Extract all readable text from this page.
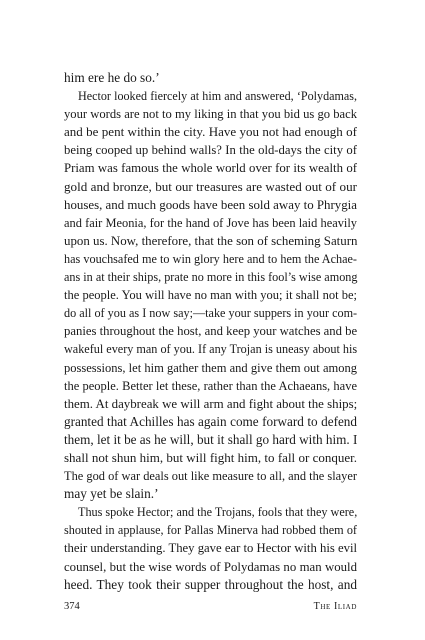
him ere he do so.’
Hector looked fiercely at him and answered, ‘Polydamas,
your words are not to my liking in that you bid us go back
and be pent within the city. Have you not had enough of
being cooped up behind walls? In the old-days the city of
Priam was famous the whole world over for its wealth of
gold and bronze, but our treasures are wasted out of our
houses, and much goods have been sold away to Phrygia
and fair Meonia, for the hand of Jove has been laid heavily
upon us. Now, therefore, that the son of scheming Saturn
has vouchsafed me to win glory here and to hem the Achae-
ans in at their ships, prate no more in this fool’s wise among
the people. You will have no man with you; it shall not be;
do all of you as I now say;—take your suppers in your com-
panies throughout the host, and keep your watches and be
wakeful every man of you. If any Trojan is uneasy about his
possessions, let him gather them and give them out among
the people. Better let these, rather than the Achaeans, have
them. At daybreak we will arm and fight about the ships;
granted that Achilles has again come forward to defend
them, let it be as he will, but it shall go hard with him. I
shall not shun him, but will fight him, to fall or conquer.
The god of war deals out like measure to all, and the slayer
may yet be slain.’
Thus spoke Hector; and the Trojans, fools that they were,
shouted in applause, for Pallas Minerva had robbed them of
their understanding. They gave ear to Hector with his evil
counsel, but the wise words of Polydamas no man would
heed. They took their supper throughout the host, and
374	The Iliad
